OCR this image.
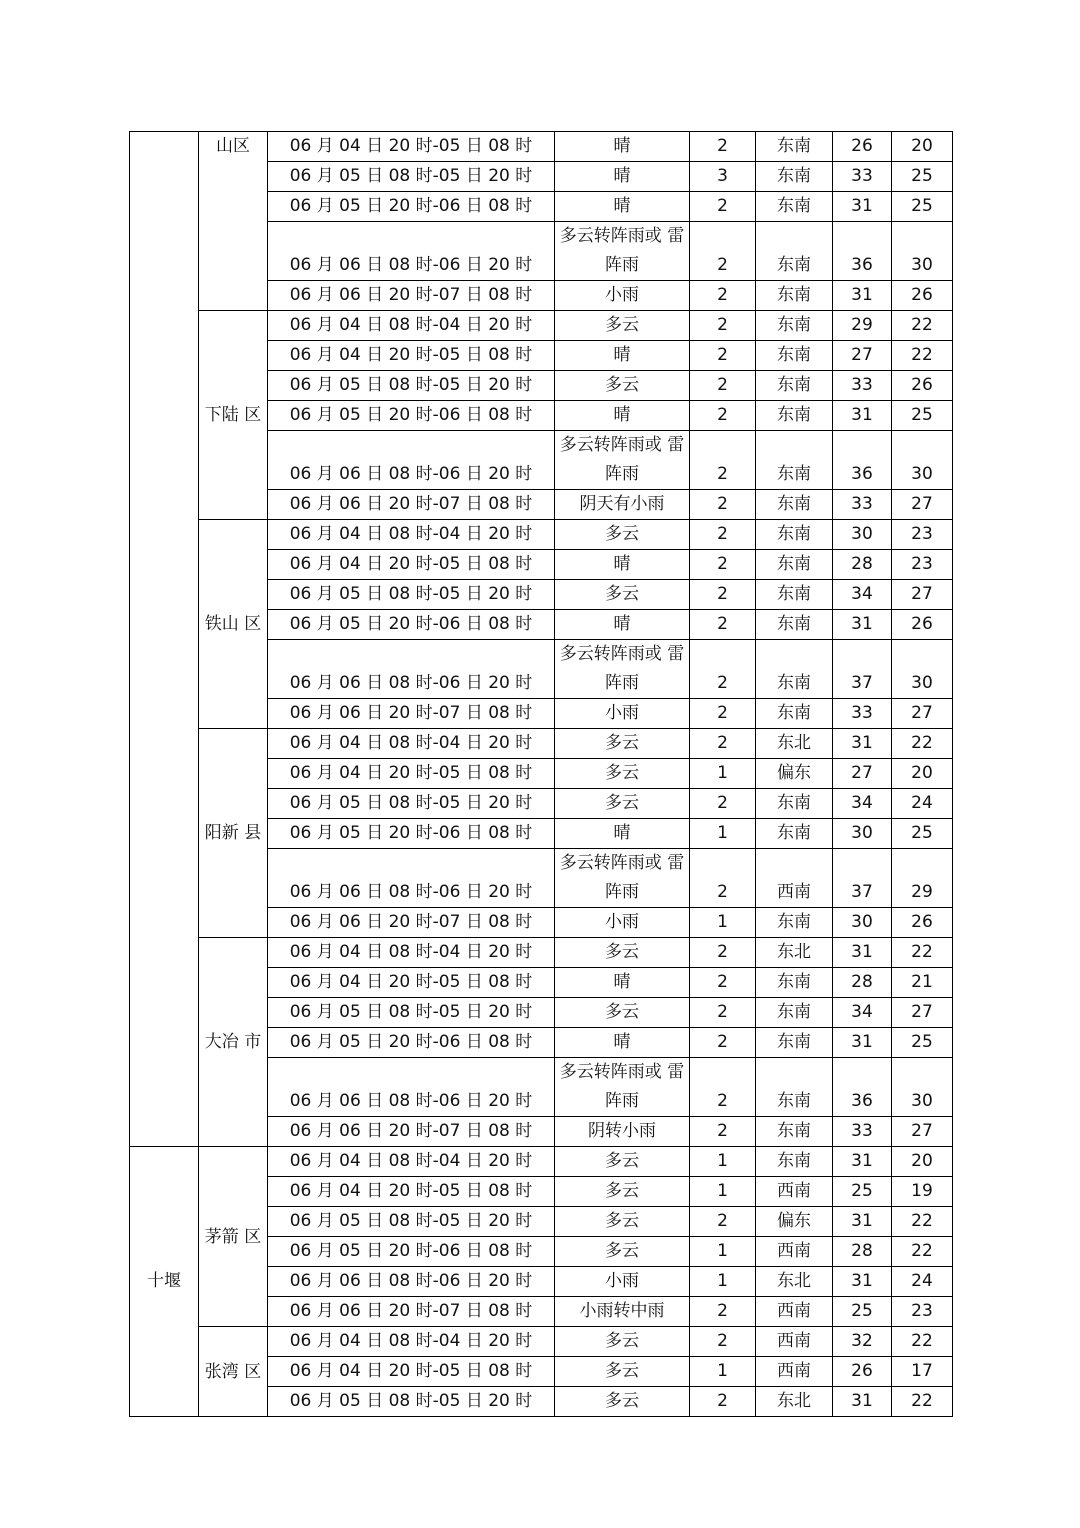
	山区	06 月 04 日 20 时-05 日 08 时	晴	2	东南	26	20
		06 月 05 日 08 时-05 日 20 时	晴	3	东南	33	25
		06 月 05 日 20 时-06 日 08 时	晴	2	东南	31	25
		06 月 06 日 08 时-06 日 20 时	多云转阵雨或 雷阵雨	2	东南	36	30
		06 月 06 日 20 时-07 日 08 时	小雨	2	东南	31	26
	下陆 区	06 月 04 日 08 时-04 日 20 时	多云	2	东南	29	22
		06 月 04 日 20 时-05 日 08 时	晴	2	东南	27	22
		06 月 05 日 08 时-05 日 20 时	多云	2	东南	33	26
		06 月 05 日 20 时-06 日 08 时	晴	2	东南	31	25
		06 月 06 日 08 时-06 日 20 时	多云转阵雨或 雷阵雨	2	东南	36	30
		06 月 06 日 20 时-07 日 08 时	阴天有小雨	2	东南	33	27
	铁山 区	06 月 04 日 08 时-04 日 20 时	多云	2	东南	30	23
		06 月 04 日 20 时-05 日 08 时	晴	2	东南	28	23
		06 月 05 日 08 时-05 日 20 时	多云	2	东南	34	27
		06 月 05 日 20 时-06 日 08 时	晴	2	东南	31	26
		06 月 06 日 08 时-06 日 20 时	多云转阵雨或 雷阵雨	2	东南	37	30
		06 月 06 日 20 时-07 日 08 时	小雨	2	东南	33	27
	阳新 县	06 月 04 日 08 时-04 日 20 时	多云	2	东北	31	22
		06 月 04 日 20 时-05 日 08 时	多云	1	偏东	27	20
		06 月 05 日 08 时-05 日 20 时	多云	2	东南	34	24
		06 月 05 日 20 时-06 日 08 时	晴	1	东南	30	25
		06 月 06 日 08 时-06 日 20 时	多云转阵雨或 雷阵雨	2	西南	37	29
		06 月 06 日 20 时-07 日 08 时	小雨	1	东南	30	26
	大冶 市	06 月 04 日 08 时-04 日 20 时	多云	2	东北	31	22
		06 月 04 日 20 时-05 日 08 时	晴	2	东南	28	21
		06 月 05 日 08 时-05 日 20 时	多云	2	东南	34	27
		06 月 05 日 20 时-06 日 08 时	晴	2	东南	31	25
		06 月 06 日 08 时-06 日 20 时	多云转阵雨或 雷阵雨	2	东南	36	30
		06 月 06 日 20 时-07 日 08 时	阴转小雨	2	东南	33	27
十堰	茅箭 区	06 月 04 日 08 时-04 日 20 时	多云	1	东南	31	20
		06 月 04 日 20 时-05 日 08 时	多云	1	西南	25	19
		06 月 05 日 08 时-05 日 20 时	多云	2	偏东	31	22
		06 月 05 日 20 时-06 日 08 时	多云	1	西南	28	22
		06 月 06 日 08 时-06 日 20 时	小雨	1	东北	31	24
		06 月 06 日 20 时-07 日 08 时	小雨转中雨	2	西南	25	23
	张湾 区	06 月 04 日 08 时-04 日 20 时	多云	2	西南	32	22
		06 月 04 日 20 时-05 日 08 时	多云	1	西南	26	17
		06 月 05 日 08 时-05 日 20 时	多云	2	东北	31	22
